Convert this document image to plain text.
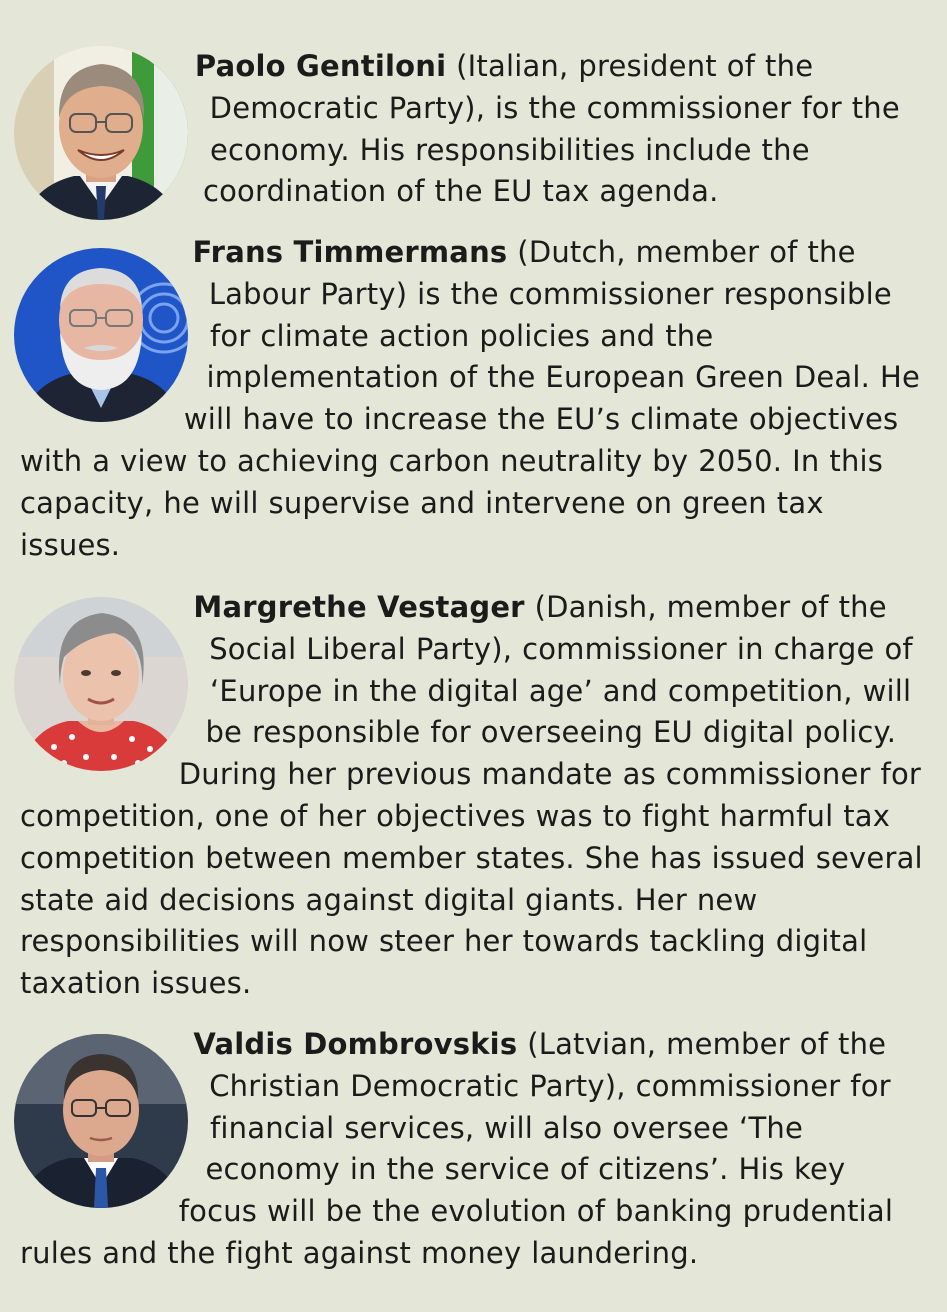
Paolo Gentiloni (Italian, president of the Democratic Party), is the commissioner for the economy. His responsibilities include the coordination of the EU tax agenda.

Frans Timmermans (Dutch, member of the Labour Party) is the commissioner responsible for climate action policies and the implementation of the European Green Deal. He will have to increase the EU’s climate objectives with a view to achieving carbon neutrality by 2050. In this capacity, he will supervise and intervene on green tax issues.

Margrethe Vestager (Danish, member of the Social Liberal Party), commissioner in charge of ‘Europe in the digital age’ and competition, will be responsible for overseeing EU digital policy. During her previous mandate as commissioner for competition, one of her objectives was to fight harmful tax competition between member states. She has issued several state aid decisions against digital giants. Her new responsibilities will now steer her towards tackling digital taxation issues.

Valdis Dombrovskis (Latvian, member of the Christian Democratic Party), commissioner for financial services, will also oversee ‘The economy in the service of citizens’. His key focus will be the evolution of banking prudential rules and the fight against money laundering.
